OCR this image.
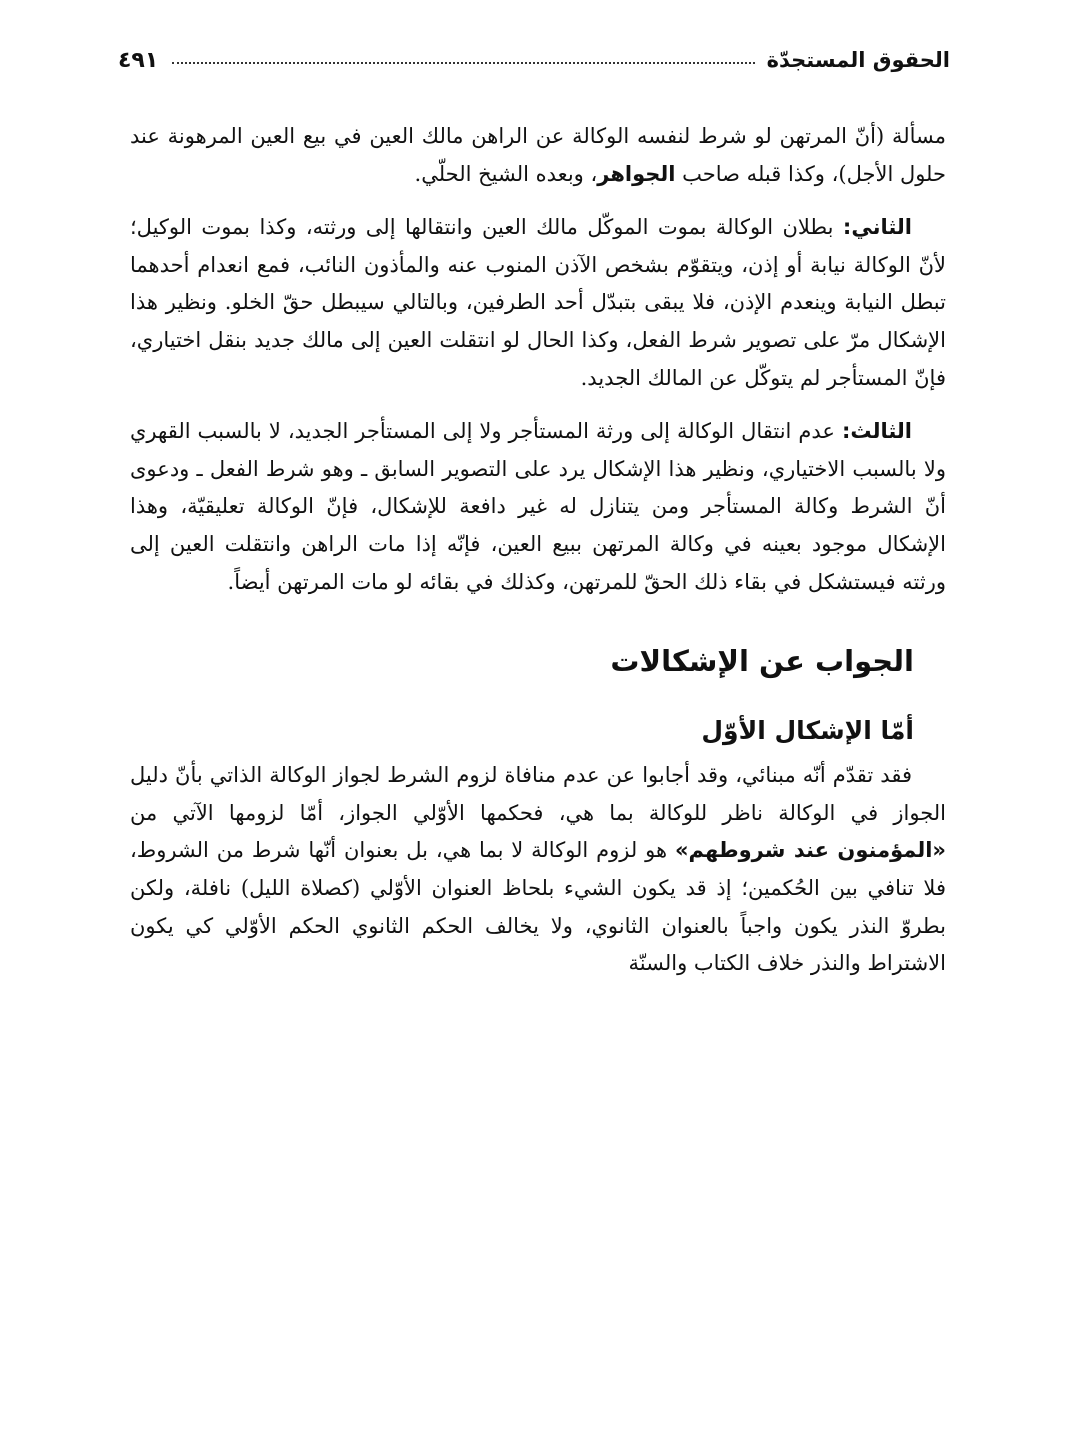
الحقوق المستجدّة
٤٩١

مسألة (أنّ المرتهن لو شرط لنفسه الوكالة عن الراهن مالك العين في بيع العين المرهونة عند حلول الأجل)، وكذا قبله صاحب الجواهر، وبعده الشيخ الحلّي.

الثاني: بطلان الوكالة بموت الموكّل مالك العين وانتقالها إلى ورثته، وكذا بموت الوكيل؛ لأنّ الوكالة نيابة أو إذن، ويتقوّم بشخص الآذن المنوب عنه والمأذون النائب، فمع انعدام أحدهما تبطل النيابة وينعدم الإذن، فلا يبقى بتبدّل أحد الطرفين، وبالتالي سيبطل حقّ الخلو. ونظير هذا الإشكال مرّ على تصوير شرط الفعل، وكذا الحال لو انتقلت العين إلى مالك جديد بنقل اختياري، فإنّ المستأجر لم يتوكّل عن المالك الجديد.

الثالث: عدم انتقال الوكالة إلى ورثة المستأجر ولا إلى المستأجر الجديد، لا بالسبب القهري ولا بالسبب الاختياري، ونظير هذا الإشكال يرد على التصوير السابق ـ وهو شرط الفعل ـ ودعوى أنّ الشرط وكالة المستأجر ومن يتنازل له غير دافعة للإشكال، فإنّ الوكالة تعليقيّة، وهذا الإشكال موجود بعينه في وكالة المرتهن ببيع العين، فإنّه إذا مات الراهن وانتقلت العين إلى ورثته فيستشكل في بقاء ذلك الحقّ للمرتهن، وكذلك في بقائه لو مات المرتهن أيضاً.

الجواب عن الإشكالات
أمّا الإشكال الأوّل

فقد تقدّم أنّه مبنائي، وقد أجابوا عن عدم منافاة لزوم الشرط لجواز الوكالة الذاتي بأنّ دليل الجواز في الوكالة ناظر للوكالة بما هي، فحكمها الأوّلي الجواز، أمّا لزومها الآتي من «المؤمنون عند شروطهم» هو لزوم الوكالة لا بما هي، بل بعنوان أنّها شرط من الشروط، فلا تنافي بين الحُكمين؛ إذ قد يكون الشيء بلحاظ العنوان الأوّلي (كصلاة الليل) نافلة، ولكن بطروّ النذر يكون واجباً بالعنوان الثانوي، ولا يخالف الحكم الثانوي الحكم الأوّلي كي يكون الاشتراط والنذر خلاف الكتاب والسنّة
